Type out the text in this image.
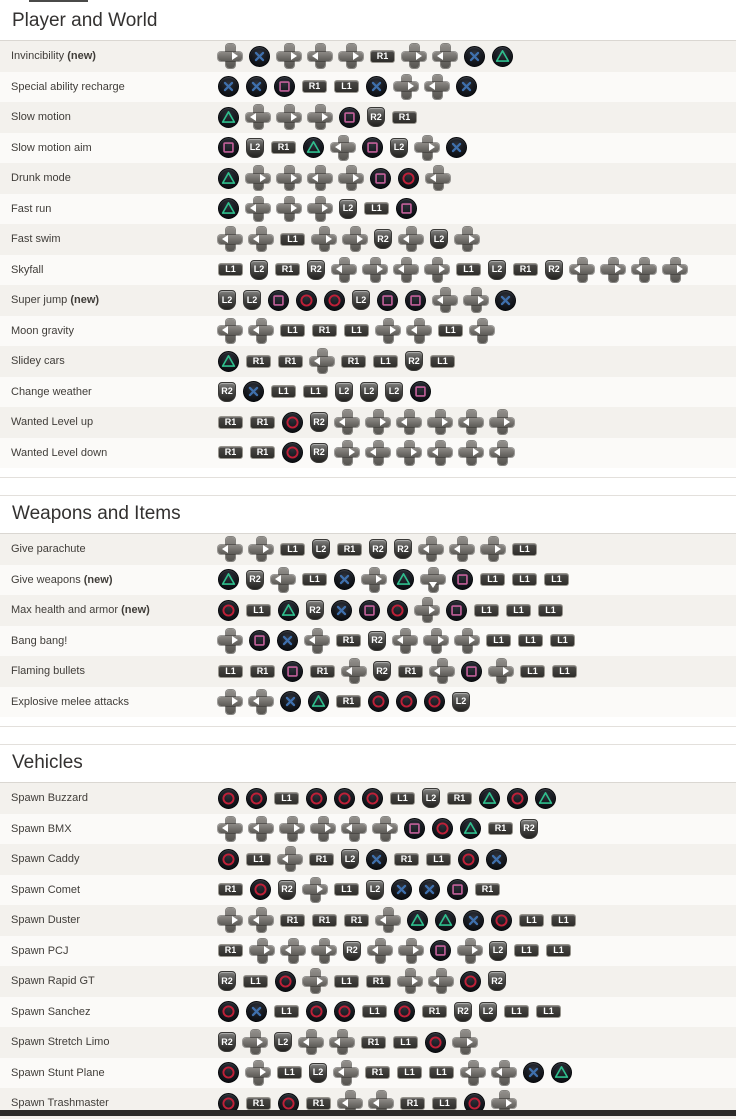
Player and World
Invincibility (new)	R1
Special ability recharge	R1	L1
Slow motion	R2	R1
Slow motion aim	L2	R1	L2
Drunk mode
Fast run	L2	L1
Fast swim	L1	R2	L2
Skyfall	L1	L2	R1	R2	L1	L2	R1	R2
Super jump (new)	L2	L2	L2
Moon gravity	L1	R1	L1	L1
Slidey cars	R1	R1	R1	L1	R2	L1
Change weather	R2	L1	L1	L2	L2	L2
Wanted Level up	R1	R1	R2
Wanted Level down	R1	R1	R2
Weapons and Items
Give parachute	L1	L2	R1	R2	R2	L1
Give weapons (new)	R2	L1	L1	L1	L1
Max health and armor (new)	L1	R2	L1	L1	L1
Bang bang!	R1	R2	L1	L1	L1
Flaming bullets	L1	R1	R1	R2	R1	L1	L1
Explosive melee attacks	R1	L2
Vehicles
Spawn Buzzard	L1	L1	L2	R1
Spawn BMX	R1	R2
Spawn Caddy	L1	R1	L2	R1	L1
Spawn Comet	R1	R2	L1	L2	R1
Spawn Duster	R1	R1	R1	L1	L1
Spawn PCJ	R1	R2	L2	L1	L1
Spawn Rapid GT	R2	L1	L1	R1	R2
Spawn Sanchez	L1	L1	R1	R2	L2	L1	L1
Spawn Stretch Limo	R2	L2	R1	L1
Spawn Stunt Plane	L1	L2	R1	L1	L1
Spawn Trashmaster	R1	R1	R1	L1
